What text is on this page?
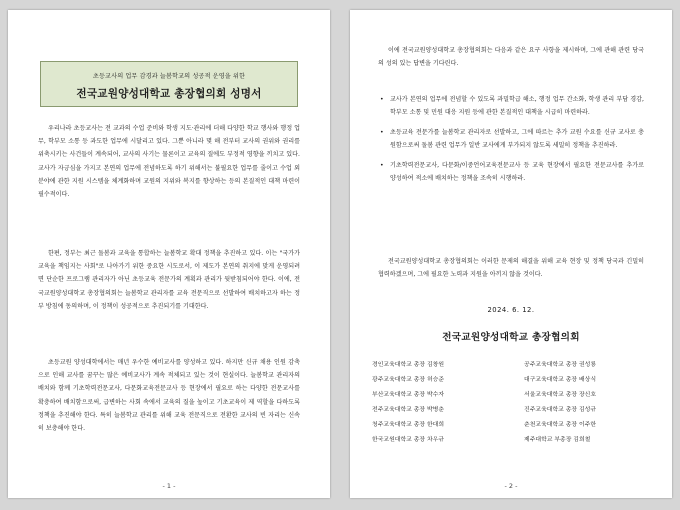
초등교사의 업무 감경과 늘봄학교의 성공적 운영을 위한
전국교원양성대학교 총장협의회 성명서

우리나라 초등교사는 전 교과의 수업 준비와 학생 지도·관리에 더해 다양한 학교 행사와 행정 업무, 학부모 소통 등 과도한 업무에 시달리고 있다. 그뿐 아니라 몇 해 전부터 교사의 권위와 권리를 위축시키는 사건들이 계속되어, 교사의 사기는 물론이고 교육의 질에도 부정적 영향을 끼치고 있다. 교사가 자긍심을 가지고 본연의 업무에 전념하도록 하기 위해서는 불필요한 업무를 줄이고 수업 외 분야에 관한 지원 시스템을 체계화하며 교원의 지위와 복지를 향상하는 등의 본질적인 대책 마련이 필수적이다.

한편, 정부는 최근 돌봄과 교육을 통합하는 늘봄학교 확대 정책을 추진하고 있다. 이는 "국가가 교육을 책임지는 사회"로 나아가기 위한 중요한 시도로서, 이 제도가 본연의 취지에 맞게 운영되려면 단순한 프로그램 관리자가 아닌 초등교육 전문가의 계획과 관리가 뒷받침되어야 한다. 이에, 전국교원양성대학교 총장협의회는 늘봄학교 관리자를 교육 전문직으로 선발하여 배치하고자 하는 정부 방침에 동의하며, 이 정책이 성공적으로 추진되기를 기대한다.

초등교원 양성대학에서는 매년 우수한 예비교사를 양성하고 있다. 하지만 신규 채용 인원 감축으로 인해 교사를 꿈꾸는 많은 예비교사가 계속 적체되고 있는 것이 현실이다. 늘봄학교 관리자의 배치와 함께 기초학력전문교사, 다문화교육전문교사 등 현장에서 필요로 하는 다양한 전문교사를 확충하여 배치함으로써, 급변하는 사회 속에서 교육의 질을 높이고 기초교육이 제 역할을 다하도록 정책을 추진해야 한다. 특히 늘봄학교 관리를 위해 교육 전문직으로 전환한 교사의 빈 자리는 신속히 보충해야 한다.

- 1 -

이에 전국교원양성대학교 총장협의회는 다음과 같은 요구 사항을 제시하며, 그에 관해 관련 당국의 성의 있는 답변을 기다린다.

• 교사가 본연의 업무에 전념할 수 있도록 과밀학급 해소, 행정 업무 간소화, 학생 관리 부담 경감, 학부모 소통 및 민원 대응 지원 등에 관한 본질적인 대책을 시급히 마련하라.
• 초등교육 전문가를 늘봄학교 관리자로 선발하고, 그에 따르는 추가 교원 수요를 신규 교사로 충원함으로써 돌봄 관련 업무가 일반 교사에게 부가되지 않도록 세밀히 정책을 추진하라.
• 기초학력전문교사, 다문화/이중언어교육전문교사 등 교육 현장에서 필요한 전문교사를 추가로 양성하여 적소에 배치하는 정책을 조속히 시행하라.

전국교원양성대학교 총장협의회는 이러한 문제의 해결을 위해 교육 현장 및 정책 당국과 긴밀히 협력하겠으며, 그에 필요한 노력과 지원을 아끼지 않을 것이다.

2024. 6. 12.
전국교원양성대학교 총장협의회
경인교육대학교 총장 김창원
광주교육대학교 총장 허승준
부산교육대학교 총장 박수자
전주교육대학교 총장 박병춘
청주교육대학교 총장 한대희
한국교원대학교 총장 차우규
공주교육대학교 총장 권성룡
대구교육대학교 총장 배상식
서울교육대학교 총장 장신호
진주교육대학교 총장 김성규
춘천교육대학교 총장 이주한
제주대학교 부총장 김희철
- 2 -
